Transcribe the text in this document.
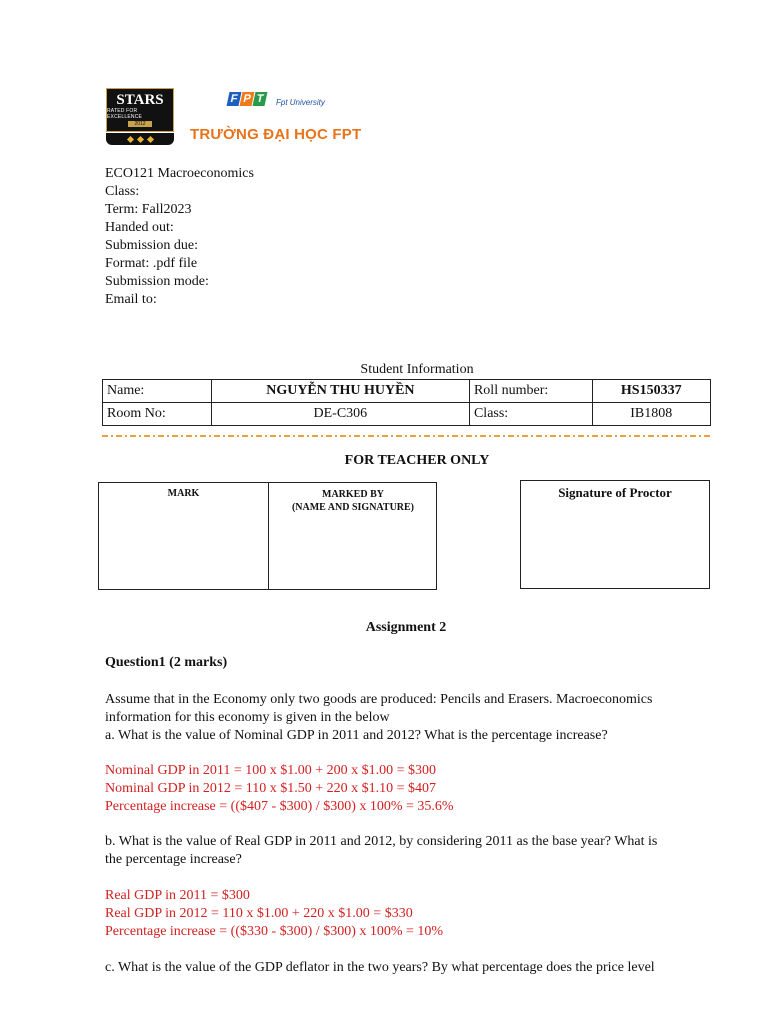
STARS
RATED FOR EXCELLENCE
2012
F P T	Fpt University
TRƯỜNG ĐẠI HỌC FPT
ECO121 Macroeconomics
Class:
Term: Fall2023
Handed out:
Submission due:
Format: .pdf file
Submission mode:
Email to:
Student Information
Name:	NGUYỄN THU HUYỀN	Roll number:	HS150337
Room No:	DE-C306	Class:	IB1808
FOR TEACHER ONLY
MARK	MARKED BY
(NAME AND SIGNATURE)
Signature of Proctor
Assignment 2
Question1 (2 marks)
Assume that in the Economy only two goods are produced: Pencils and Erasers. Macroeconomics
information for this economy is given in the below
a. What is the value of Nominal GDP in 2011 and 2012? What is the percentage increase?
Nominal GDP in 2011 = 100 x $1.00 + 200 x $1.00 = $300
Nominal GDP in 2012 = 110 x $1.50 + 220 x $1.10 = $407
Percentage increase = (($407 - $300) / $300) x 100% = 35.6%
b. What is the value of Real GDP in 2011 and 2012, by considering 2011 as the base year? What is
the percentage increase?
Real GDP in 2011 = $300
Real GDP in 2012 = 110 x $1.00 + 220 x $1.00 = $330
Percentage increase = (($330 - $300) / $300) x 100% = 10%
c. What is the value of the GDP deflator in the two years? By what percentage does the price level
